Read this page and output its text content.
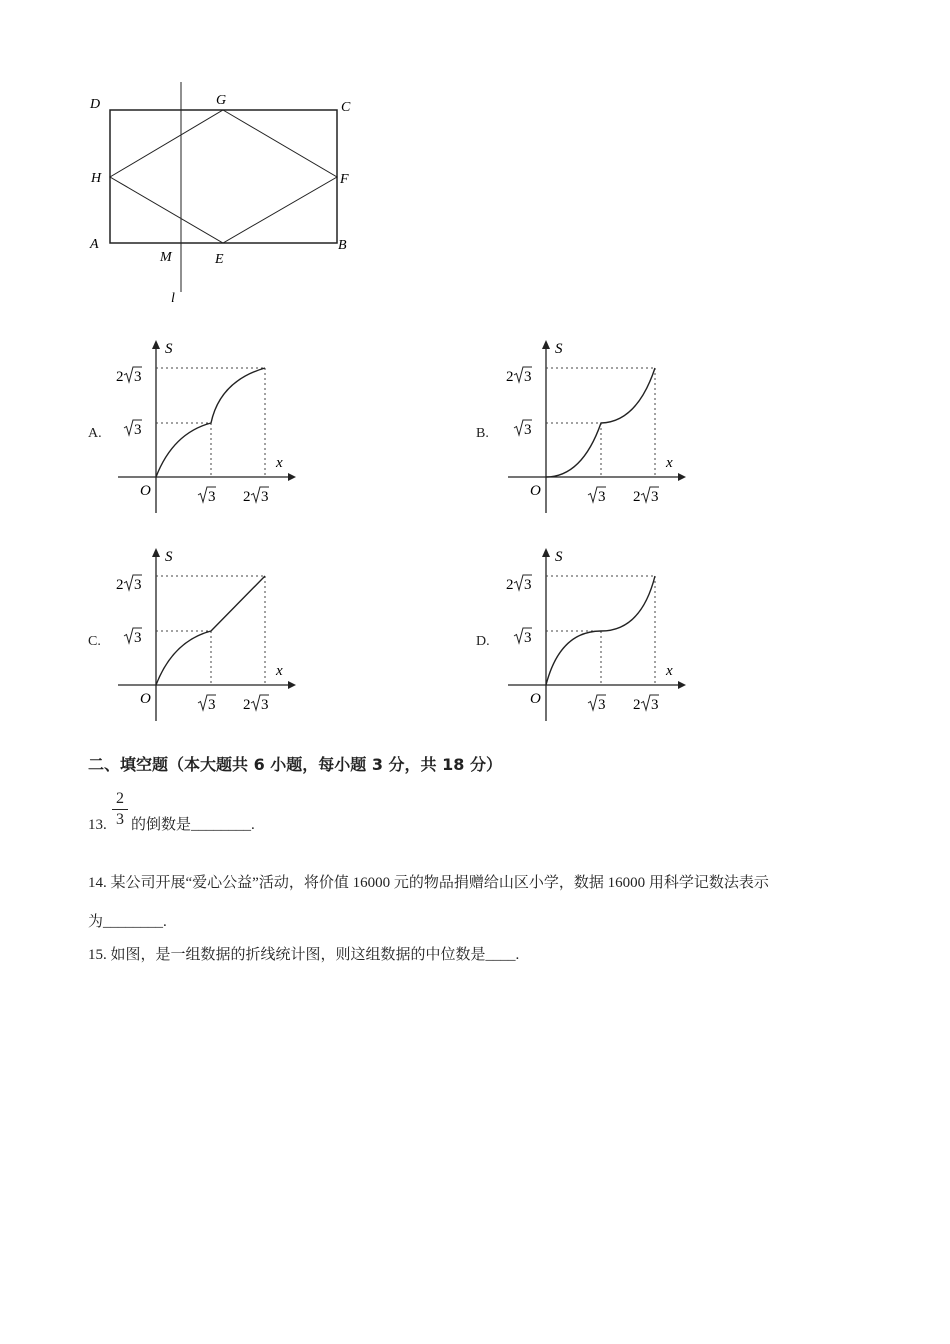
D	G	C
H	F
A
M	E
B
l
A.	B.
C.	D.
S
x
O
3
2 3
3 2 3
S
x
O
3
2 3
3 2 3
S
x
O
3
2 3
3 2 3
S
x
O
3
2 3
3 2 3
二、填空题（本大题共 6 小题，每小题 3 分，共 18 分）
13.
2
3 的倒数是________.
14. 某公司开展“爱心公益”活动，将价值 16000 元的物品捐赠给山区小学，数据 16000 用科学记数法表示
为________.
15. 如图，是一组数据的折线统计图，则这组数据的中位数是____.
